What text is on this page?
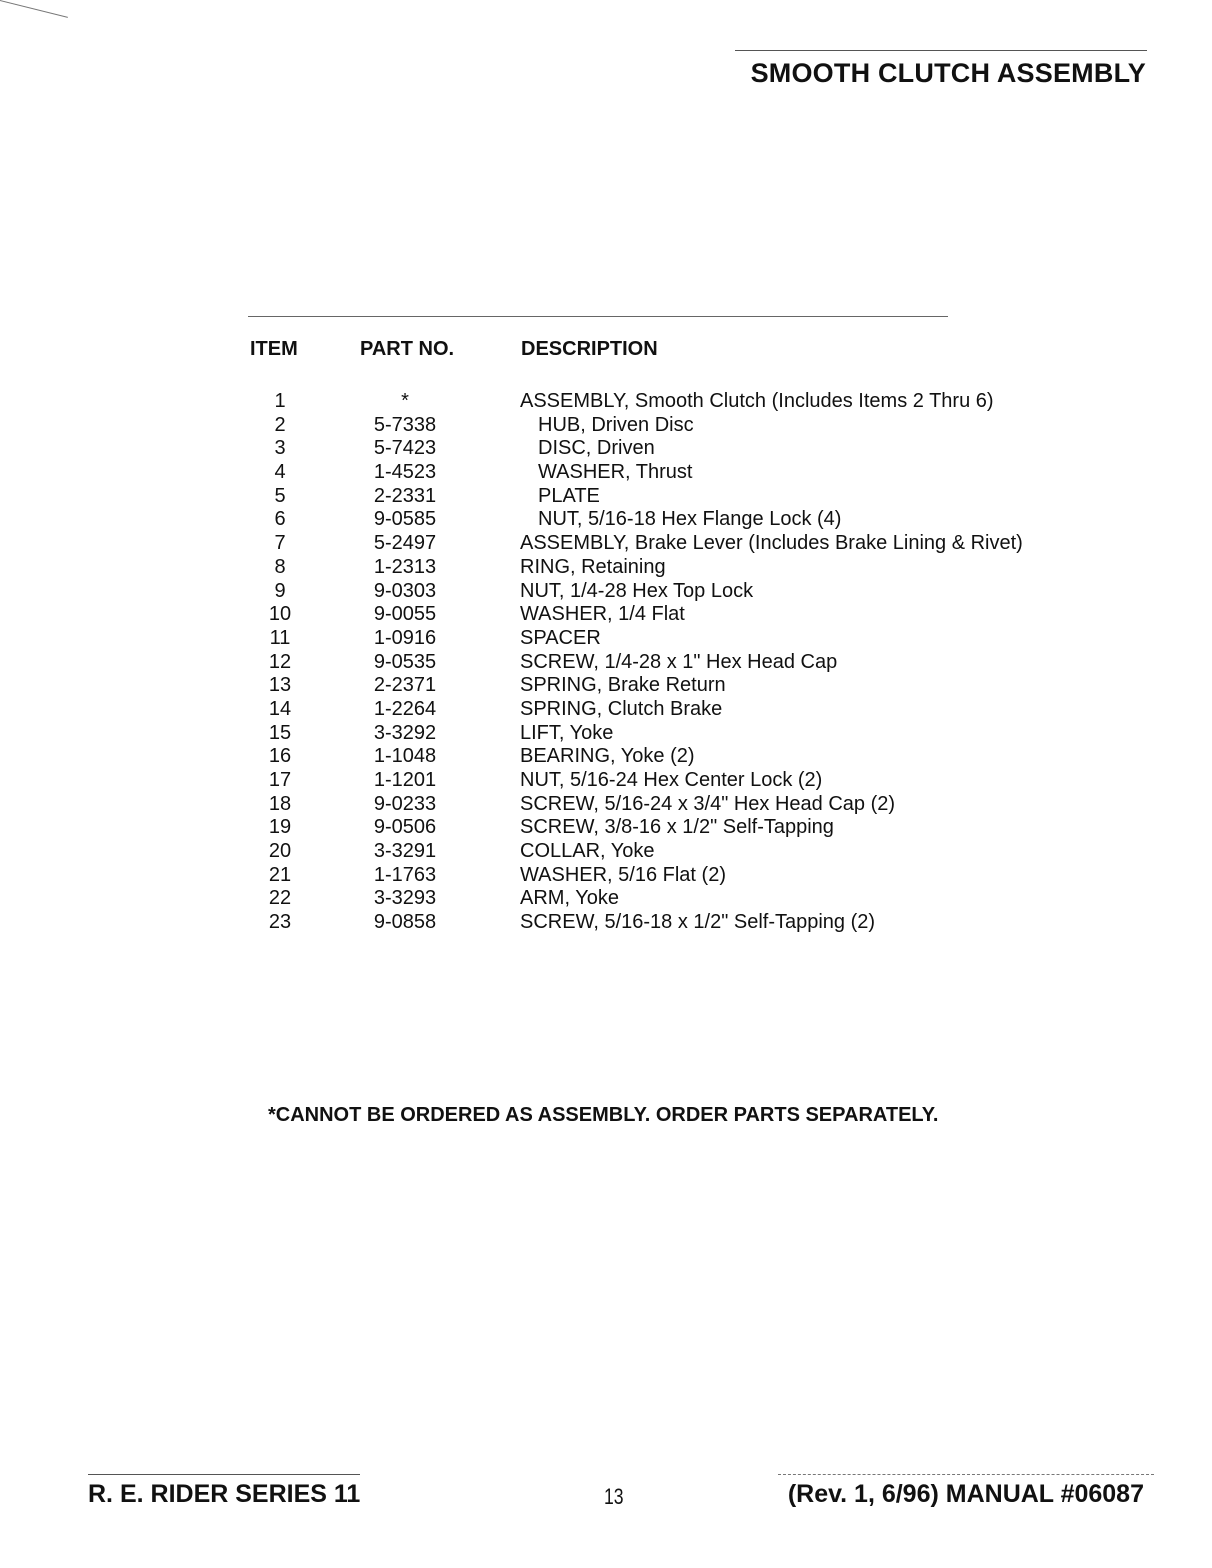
SMOOTH CLUTCH ASSEMBLY
ITEM	PART NO.	DESCRIPTION
1	*	ASSEMBLY, Smooth Clutch (Includes Items 2 Thru 6)
2	5-7338	HUB, Driven Disc
3	5-7423	DISC, Driven
4	1-4523	WASHER, Thrust
5	2-2331	PLATE
6	9-0585	NUT, 5/16-18 Hex Flange Lock (4)
7	5-2497	ASSEMBLY, Brake Lever (Includes Brake Lining & Rivet)
8	1-2313	RING, Retaining
9	9-0303	NUT, 1/4-28 Hex Top Lock
10	9-0055	WASHER, 1/4 Flat
11	1-0916	SPACER
12	9-0535	SCREW, 1/4-28 x 1" Hex Head Cap
13	2-2371	SPRING, Brake Return
14	1-2264	SPRING, Clutch Brake
15	3-3292	LIFT, Yoke
16	1-1048	BEARING, Yoke (2)
17	1-1201	NUT, 5/16-24 Hex Center Lock (2)
18	9-0233	SCREW, 5/16-24 x 3/4" Hex Head Cap (2)
19	9-0506	SCREW, 3/8-16 x 1/2" Self-Tapping
20	3-3291	COLLAR, Yoke
21	1-1763	WASHER, 5/16 Flat (2)
22	3-3293	ARM, Yoke
23	9-0858	SCREW, 5/16-18 x 1/2" Self-Tapping (2)
*CANNOT BE ORDERED AS ASSEMBLY. ORDER PARTS SEPARATELY.
R. E. RIDER SERIES 11	13	(Rev. 1, 6/96) MANUAL #06087
